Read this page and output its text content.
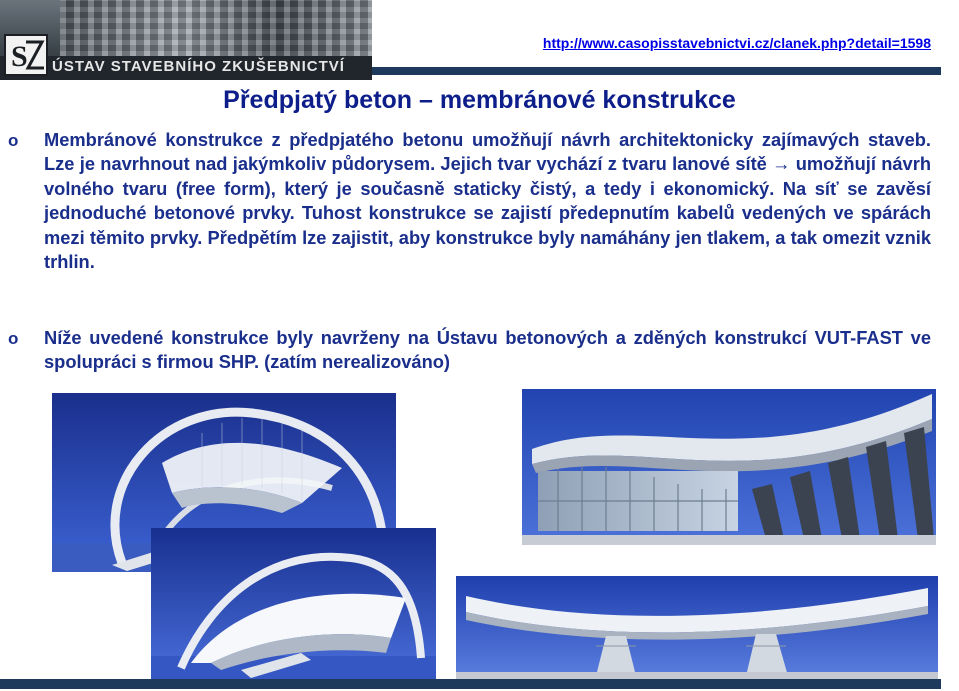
S ÚSTAV STAVEBNÍHO ZKUŠEBNICTVÍ
http://www.casopisstavebnictvi.cz/clanek.php?detail=1598
Předpjatý beton – membránové konstrukce
o Membránové konstrukce z předpjatého betonu umožňují návrh architektonicky zajímavých staveb. Lze je navrhnout nad jakýmkoliv půdorysem. Jejich tvar vychází z tvaru lanové sítě → umožňují návrh volného tvaru (free form), který je současně staticky čistý, a tedy i ekonomický. Na síť se zavěsí jednoduché betonové prvky. Tuhost konstrukce se zajistí předepnutím kabelů vedených ve spárách mezi těmito prvky. Předpětím lze zajistit, aby konstrukce byly namáhány jen tlakem, a tak omezit vznik trhlin.
o Níže uvedené konstrukce byly navrženy na Ústavu betonových a zděných konstrukcí VUT-FAST ve spolupráci s firmou SHP. (zatím nerealizováno)
